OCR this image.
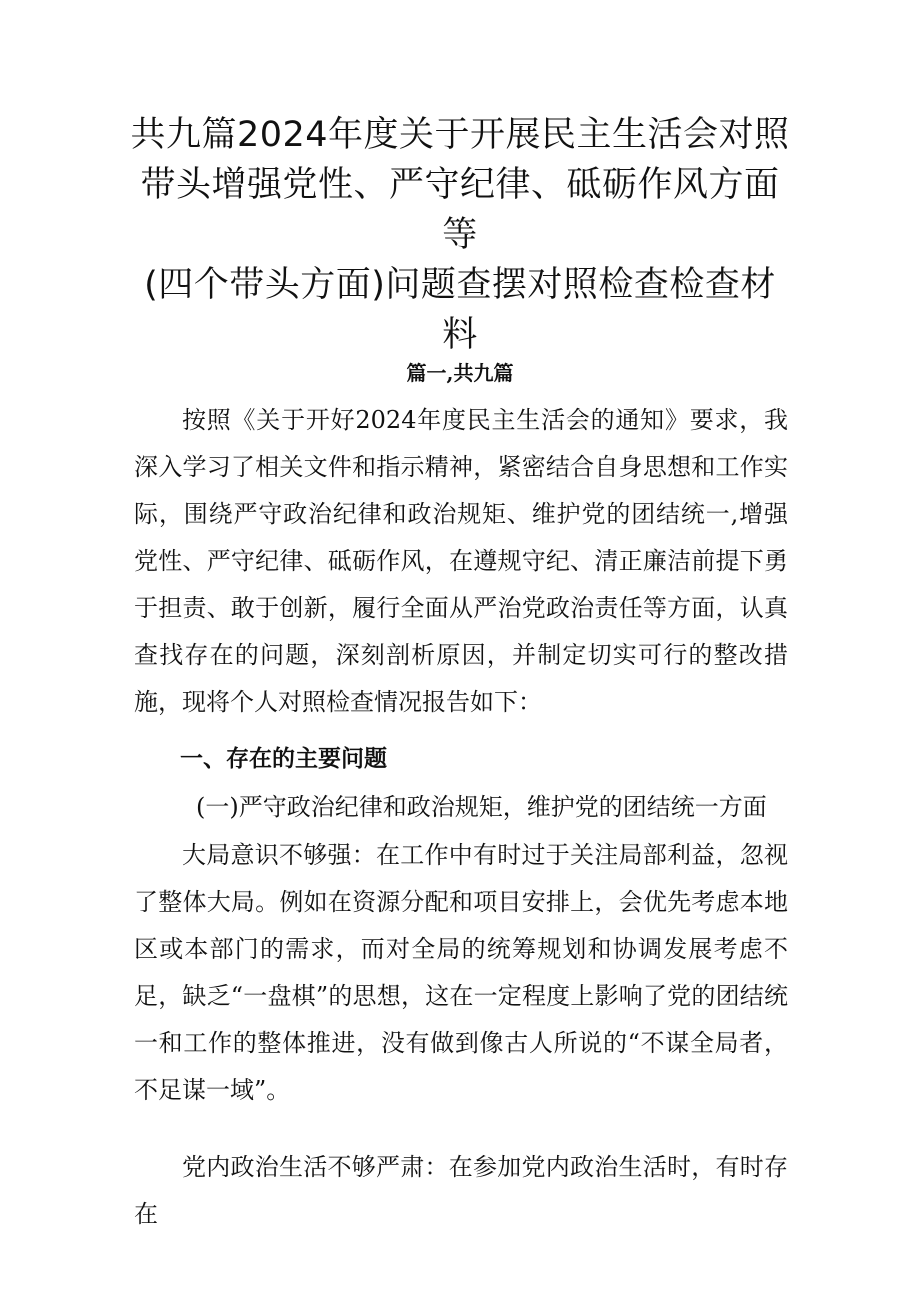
共九篇2024年度关于开展民主生活会对照
带头增强党性、严守纪律、砥砺作风方面等
(四个带头方面)问题查摆对照检查检查材
料
篇一,共九篇

按照《关于开好2024年度民主生活会的通知》要求，我深入学习了相关文件和指示精神，紧密结合自身思想和工作实际，围绕严守政治纪律和政治规矩、维护党的团结统一,增强党性、严守纪律、砥砺作风，在遵规守纪、清正廉洁前提下勇于担责、敢于创新，履行全面从严治党政治责任等方面，认真查找存在的问题，深刻剖析原因，并制定切实可行的整改措施，现将个人对照检查情况报告如下：

一、存在的主要问题
(一)严守政治纪律和政治规矩，维护党的团结统一方面

大局意识不够强：在工作中有时过于关注局部利益，忽视了整体大局。例如在资源分配和项目安排上，会优先考虑本地区或本部门的需求，而对全局的统筹规划和协调发展考虑不足，缺乏“一盘棋”的思想，这在一定程度上影响了党的团结统一和工作的整体推进，没有做到像古人所说的“不谋全局者，不足谋一域”。

党内政治生活不够严肃：在参加党内政治生活时，有时存在
